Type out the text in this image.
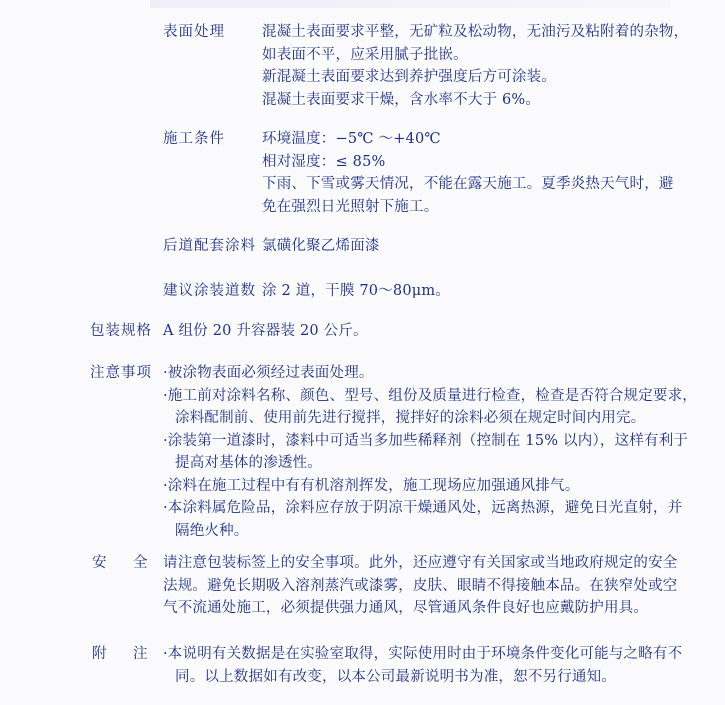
表面处理	混凝土表面要求平整，无矿粒及松动物，无油污及粘附着的杂物，
如表面不平，应采用腻子批嵌。
新混凝土表面要求达到养护强度后方可涂装。
混凝土表面要求干燥，含水率不大于 6%。
施工条件	环境温度：−5℃ ～+40℃
相对湿度：≤ 85%
下雨、下雪或雾天情况，不能在露天施工。夏季炎热天气时，避
免在强烈日光照射下施工。
后道配套涂料 氯磺化聚乙烯面漆
建议涂装道数 涂 2 道，干膜 70～80μm。
包装规格 A 组份 20 升容器装 20 公斤。
注意事项 ·被涂物表面必须经过表面处理。
·施工前对涂料名称、颜色、型号、组份及质量进行检查，检查是否符合规定要求，
涂料配制前、使用前先进行搅拌，搅拌好的涂料必须在规定时间内用完。
·涂装第一道漆时，漆料中可适当多加些稀释剂（控制在 15% 以内），这样有利于
提高对基体的渗透性。
·涂料在施工过程中有有机溶剂挥发，施工现场应加强通风排气。
·本涂料属危险品，涂料应存放于阴凉干燥通风处，远离热源，避免日光直射，并
隔绝火种。
安 全 请注意包装标签上的安全事项。此外，还应遵守有关国家或当地政府规定的安全
法规。避免长期吸入溶剂蒸汽或漆雾，皮肤、眼睛不得接触本品。在狭窄处或空
气不流通处施工，必须提供强力通风，尽管通风条件良好也应戴防护用具。
附 注 ·本说明有关数据是在实验室取得，实际使用时由于环境条件变化可能与之略有不
同。以上数据如有改变，以本公司最新说明书为准，恕不另行通知。
